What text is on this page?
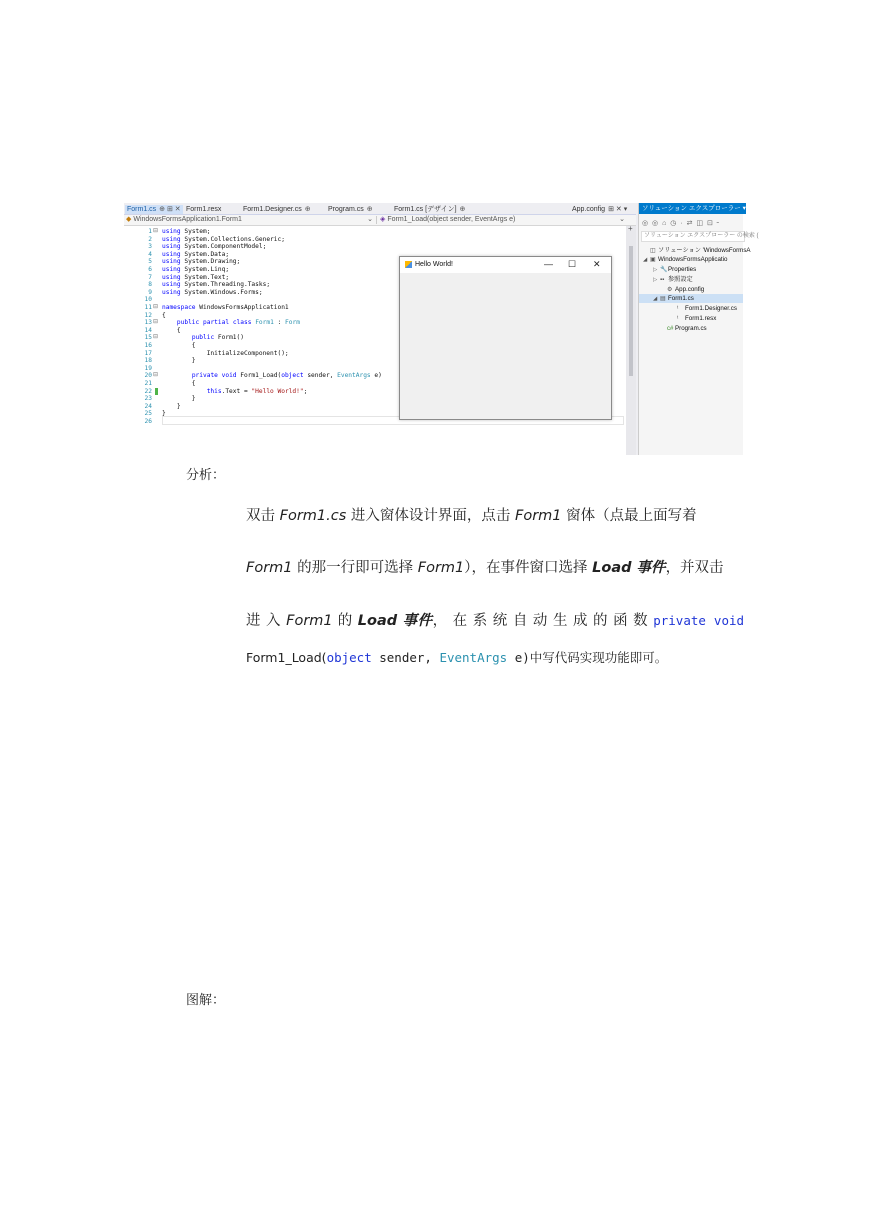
Form1.cs ⊕ ⊞ ✕ Form1.resx	Form1.Designer.cs ⊕ Program.cs ⊕	Form1.cs [デザイン] ⊕	App.config ⊞ ✕ ▾
◆ WindowsFormsApplication1.Form1	⌄ ◈ Form1_Load(object sender, EventArgs e)	⌄
1
2
3
4
5
6
7
8
9
10
11
12
13
14
15
16
17
18
19
20
21
22
23
24
25
26
⊟
⊟
⊟
⊟
⊟
using System;
using System.Collections.Generic;
using System.ComponentModel;
using System.Data;
using System.Drawing;
using System.Linq;
using System.Text;
using System.Threading.Tasks;
using System.Windows.Forms;
namespace WindowsFormsApplication1
{
public partial class Form1 : Form
{
public Form1()
{
InitializeComponent();
}
private void Form1_Load(object sender, EventArgs e)
{
this.Text = "Hello World!";
}
}
}
Hello World!	— ☐ ✕
+
ソリューション エクスプローラー ▾
◎ ◎ ⌂ ◷ · ⇄ ◫ ⊡ ╴
ソリューション エクスプローラー の検索 (
◫ ソリューション 'WindowsFormsA
◢ ▣ WindowsFormsApplicatio
▷ 🔧Properties
▷ ▪▪ 参照設定
⚙ App.config
◢ ▤ Form1.cs
ᵗ Form1.Designer.cs
ᵗ Form1.resx
c# Program.cs
分析：
双击 Form1.cs 进入窗体设计界面，点击 Form1 窗体（点最上面写着
Form1 的那一行即可选择 Form1），在事件窗口选择 Load 事件，并双击
进 入 Form1 的 Load 事件， 在 系 统 自 动 生 成 的 函 数 private void
Form1_Load(object sender, EventArgs e)中写代码实现功能即可。
图解：
